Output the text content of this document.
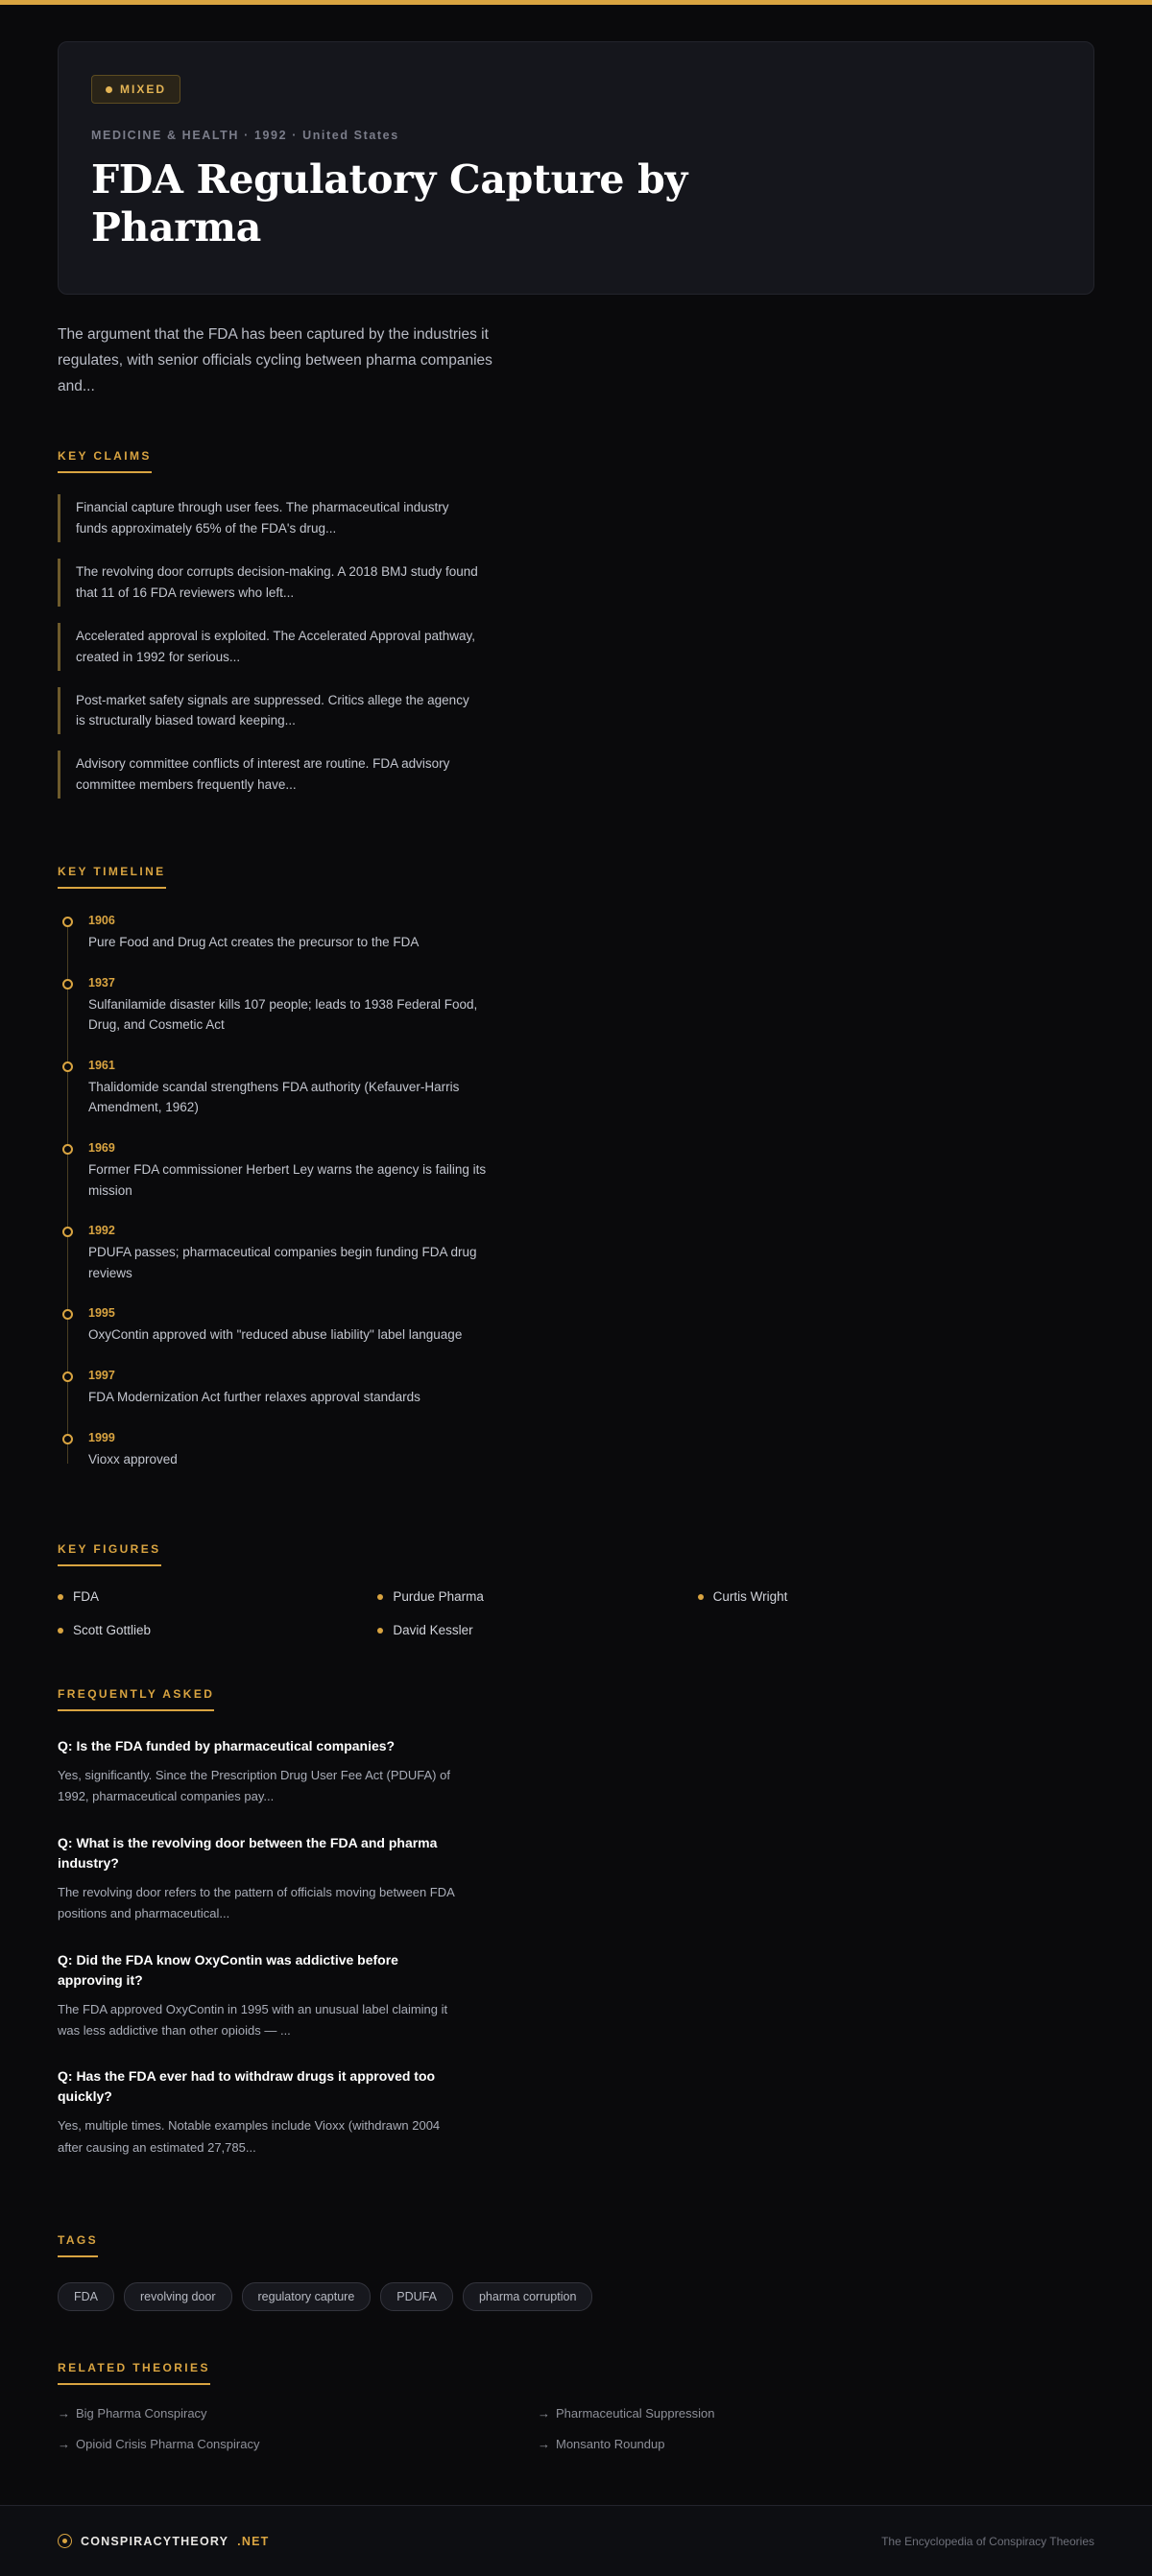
MIXED
MEDICINE & HEALTH · 1992 · United States
FDA Regulatory Capture by Pharma
The argument that the FDA has been captured by the industries it regulates, with senior officials cycling between pharma companies and...
KEY CLAIMS
Financial capture through user fees. The pharmaceutical industry funds approximately 65% of the FDA's drug...
The revolving door corrupts decision-making. A 2018 BMJ study found that 11 of 16 FDA reviewers who left...
Accelerated approval is exploited. The Accelerated Approval pathway, created in 1992 for serious...
Post-market safety signals are suppressed. Critics allege the agency is structurally biased toward keeping...
Advisory committee conflicts of interest are routine. FDA advisory committee members frequently have...
KEY TIMELINE
1906
Pure Food and Drug Act creates the precursor to the FDA
1937
Sulfanilamide disaster kills 107 people; leads to 1938 Federal Food, Drug, and Cosmetic Act
1961
Thalidomide scandal strengthens FDA authority (Kefauver-Harris Amendment, 1962)
1969
Former FDA commissioner Herbert Ley warns the agency is failing its mission
1992
PDUFA passes; pharmaceutical companies begin funding FDA drug reviews
1995
OxyContin approved with "reduced abuse liability" label language
1997
FDA Modernization Act further relaxes approval standards
1999
Vioxx approved
KEY FIGURES
FDA	Purdue Pharma	Curtis Wright
Scott Gottlieb	David Kessler
FREQUENTLY ASKED
Q: Is the FDA funded by pharmaceutical companies?
Yes, significantly. Since the Prescription Drug User Fee Act (PDUFA) of 1992, pharmaceutical companies pay...
Q: What is the revolving door between the FDA and pharma industry?
The revolving door refers to the pattern of officials moving between FDA positions and pharmaceutical...
Q: Did the FDA know OxyContin was addictive before approving it?
The FDA approved OxyContin in 1995 with an unusual label claiming it was less addictive than other opioids — ...
Q: Has the FDA ever had to withdraw drugs it approved too quickly?
Yes, multiple times. Notable examples include Vioxx (withdrawn 2004 after causing an estimated 27,785...
TAGS
FDA	revolving door	regulatory capture	PDUFA	pharma corruption
RELATED THEORIES
→ Big Pharma Conspiracy	→ Pharmaceutical Suppression
→ Opioid Crisis Pharma Conspiracy	→ Monsanto Roundup
CONSPIRACYTHEORY .NET	The Encyclopedia of Conspiracy Theories
